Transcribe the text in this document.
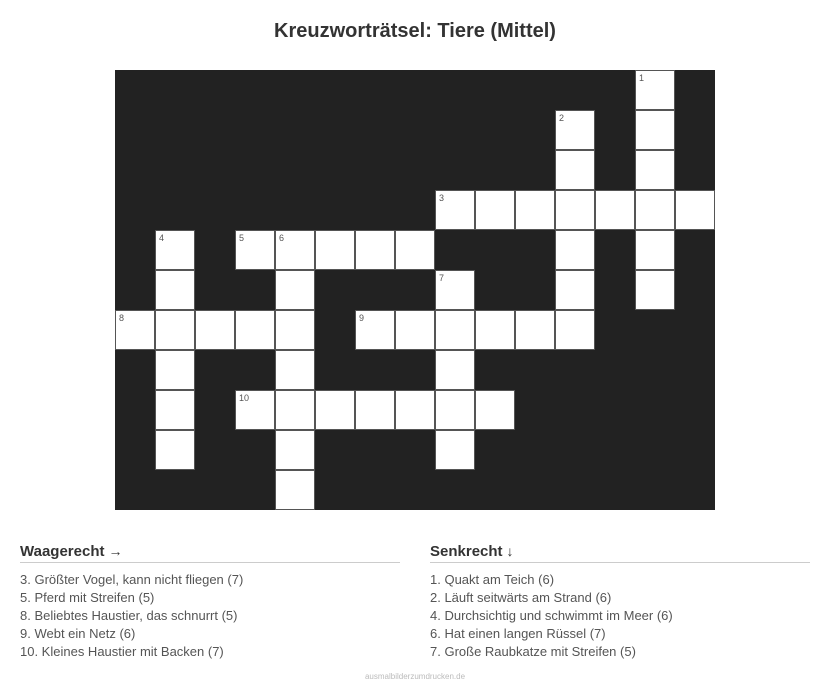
Kreuzworträtsel: Tiere (Mittel)
1
2
3
4	5	6
7
8	9
10
Waagerecht →
3. Größter Vogel, kann nicht fliegen (7)
5. Pferd mit Streifen (5)
8. Beliebtes Haustier, das schnurrt (5)
9. Webt ein Netz (6)
10. Kleines Haustier mit Backen (7)
Senkrecht ↓
1. Quakt am Teich (6)
2. Läuft seitwärts am Strand (6)
4. Durchsichtig und schwimmt im Meer (6)
6. Hat einen langen Rüssel (7)
7. Große Raubkatze mit Streifen (5)
ausmalbilderzumdrucken.de
